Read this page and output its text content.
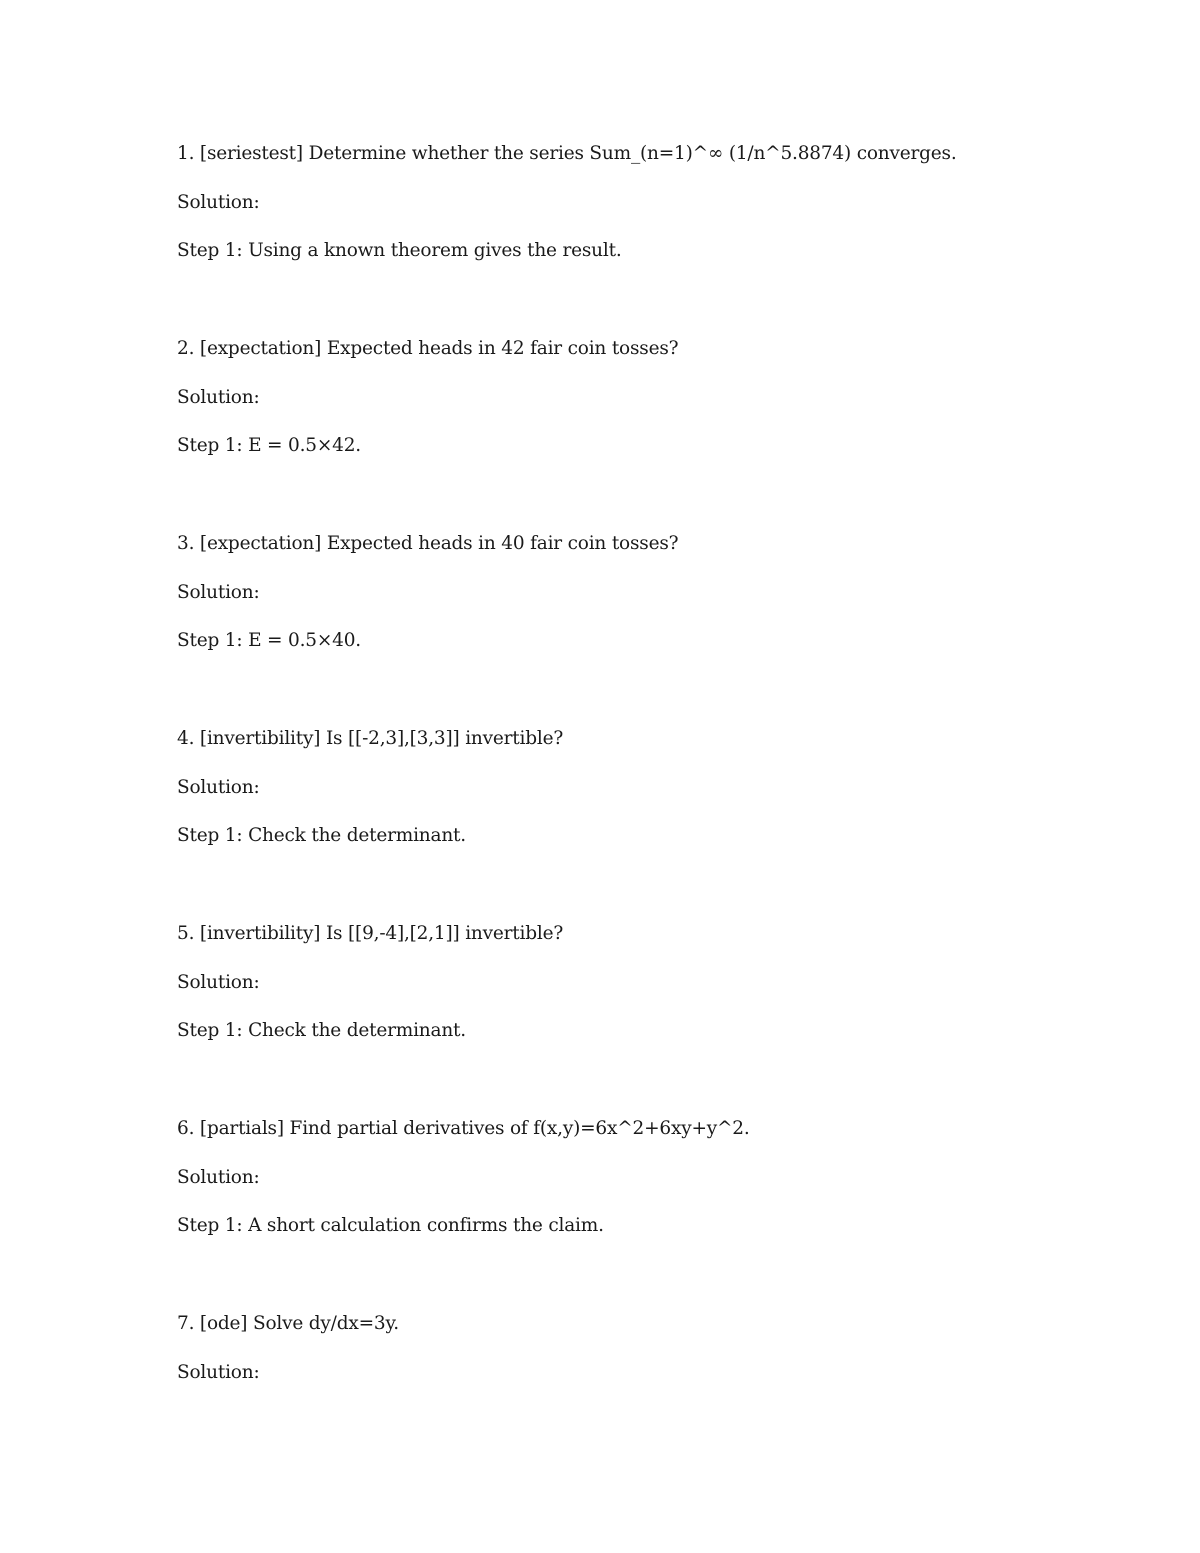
1. [seriestest] Determine whether the series Sum_(n=1)^∞ (1/n^5.8874) converges.
Solution:
Step 1: Using a known theorem gives the result.
2. [expectation] Expected heads in 42 fair coin tosses?
Solution:
Step 1: E = 0.5×42.
3. [expectation] Expected heads in 40 fair coin tosses?
Solution:
Step 1: E = 0.5×40.
4. [invertibility] Is [[-2,3],[3,3]] invertible?
Solution:
Step 1: Check the determinant.
5. [invertibility] Is [[9,-4],[2,1]] invertible?
Solution:
Step 1: Check the determinant.
6. [partials] Find partial derivatives of f(x,y)=6x^2+6xy+y^2.
Solution:
Step 1: A short calculation confirms the claim.
7. [ode] Solve dy/dx=3y.
Solution:
